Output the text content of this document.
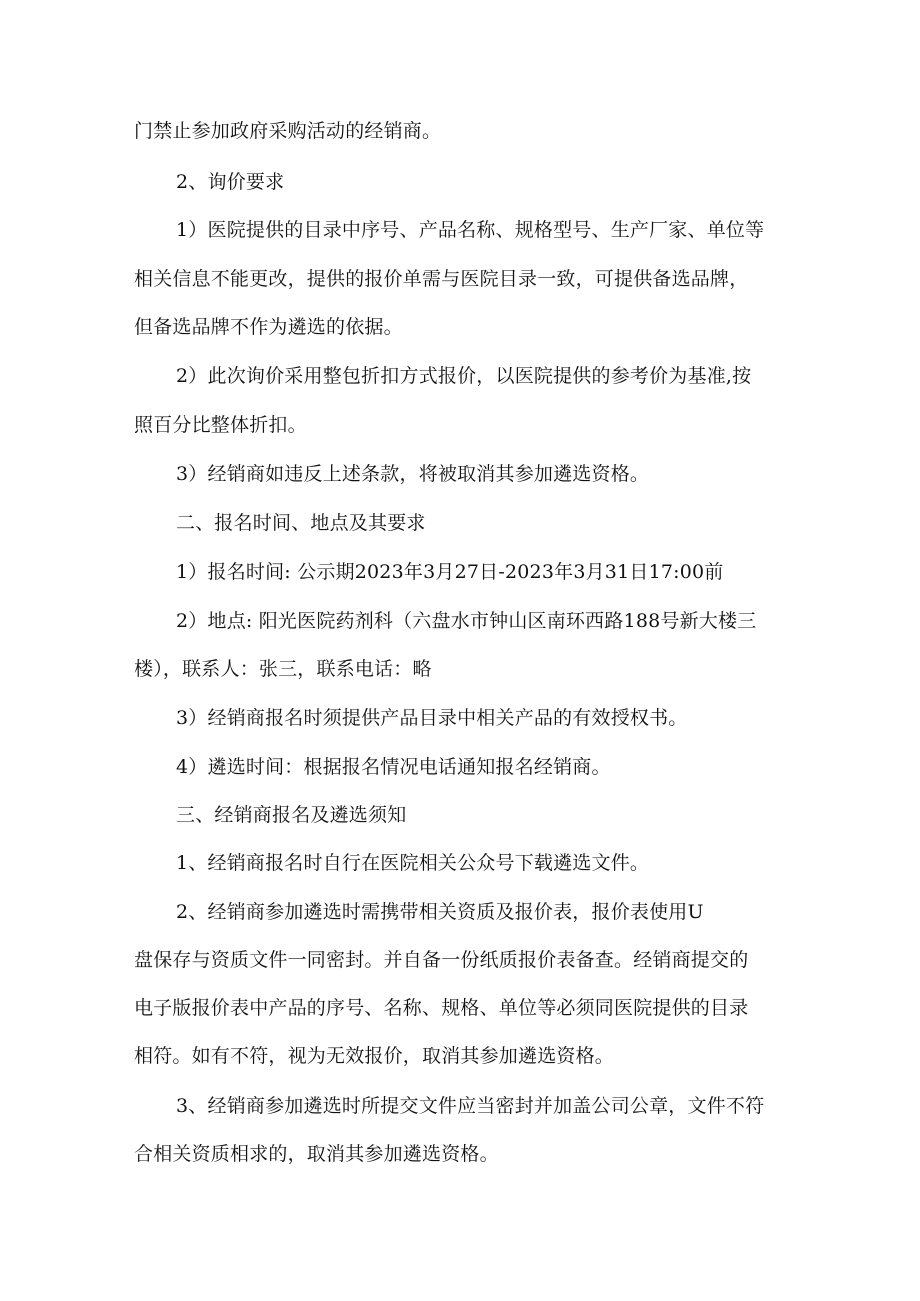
门禁止参加政府采购活动的经销商。
2、询价要求
1）医院提供的目录中序号、产品名称、规格型号、生产厂家、单位等
相关信息不能更改，提供的报价单需与医院目录一致，可提供备选品牌，
但备选品牌不作为遴选的依据。
2）此次询价采用整包折扣方式报价，以医院提供的参考价为基准,按
照百分比整体折扣。
3）经销商如违反上述条款，将被取消其参加遴选资格。
二、报名时间、地点及其要求
1）报名时间: 公示期2023年3月27日-2023年3月31日17:00前
2）地点: 阳光医院药剂科（六盘水市钟山区南环西路188号新大楼三
楼），联系人：张三，联系电话：略
3）经销商报名时须提供产品目录中相关产品的有效授权书。
4）遴选时间：根据报名情况电话通知报名经销商。
三、经销商报名及遴选须知
1、经销商报名时自行在医院相关公众号下载遴选文件。
2、经销商参加遴选时需携带相关资质及报价表，报价表使用U
盘保存与资质文件一同密封。并自备一份纸质报价表备查。经销商提交的
电子版报价表中产品的序号、名称、规格、单位等必须同医院提供的目录
相符。如有不符，视为无效报价，取消其参加遴选资格。
3、经销商参加遴选时所提交文件应当密封并加盖公司公章，文件不符
合相关资质相求的，取消其参加遴选资格。
